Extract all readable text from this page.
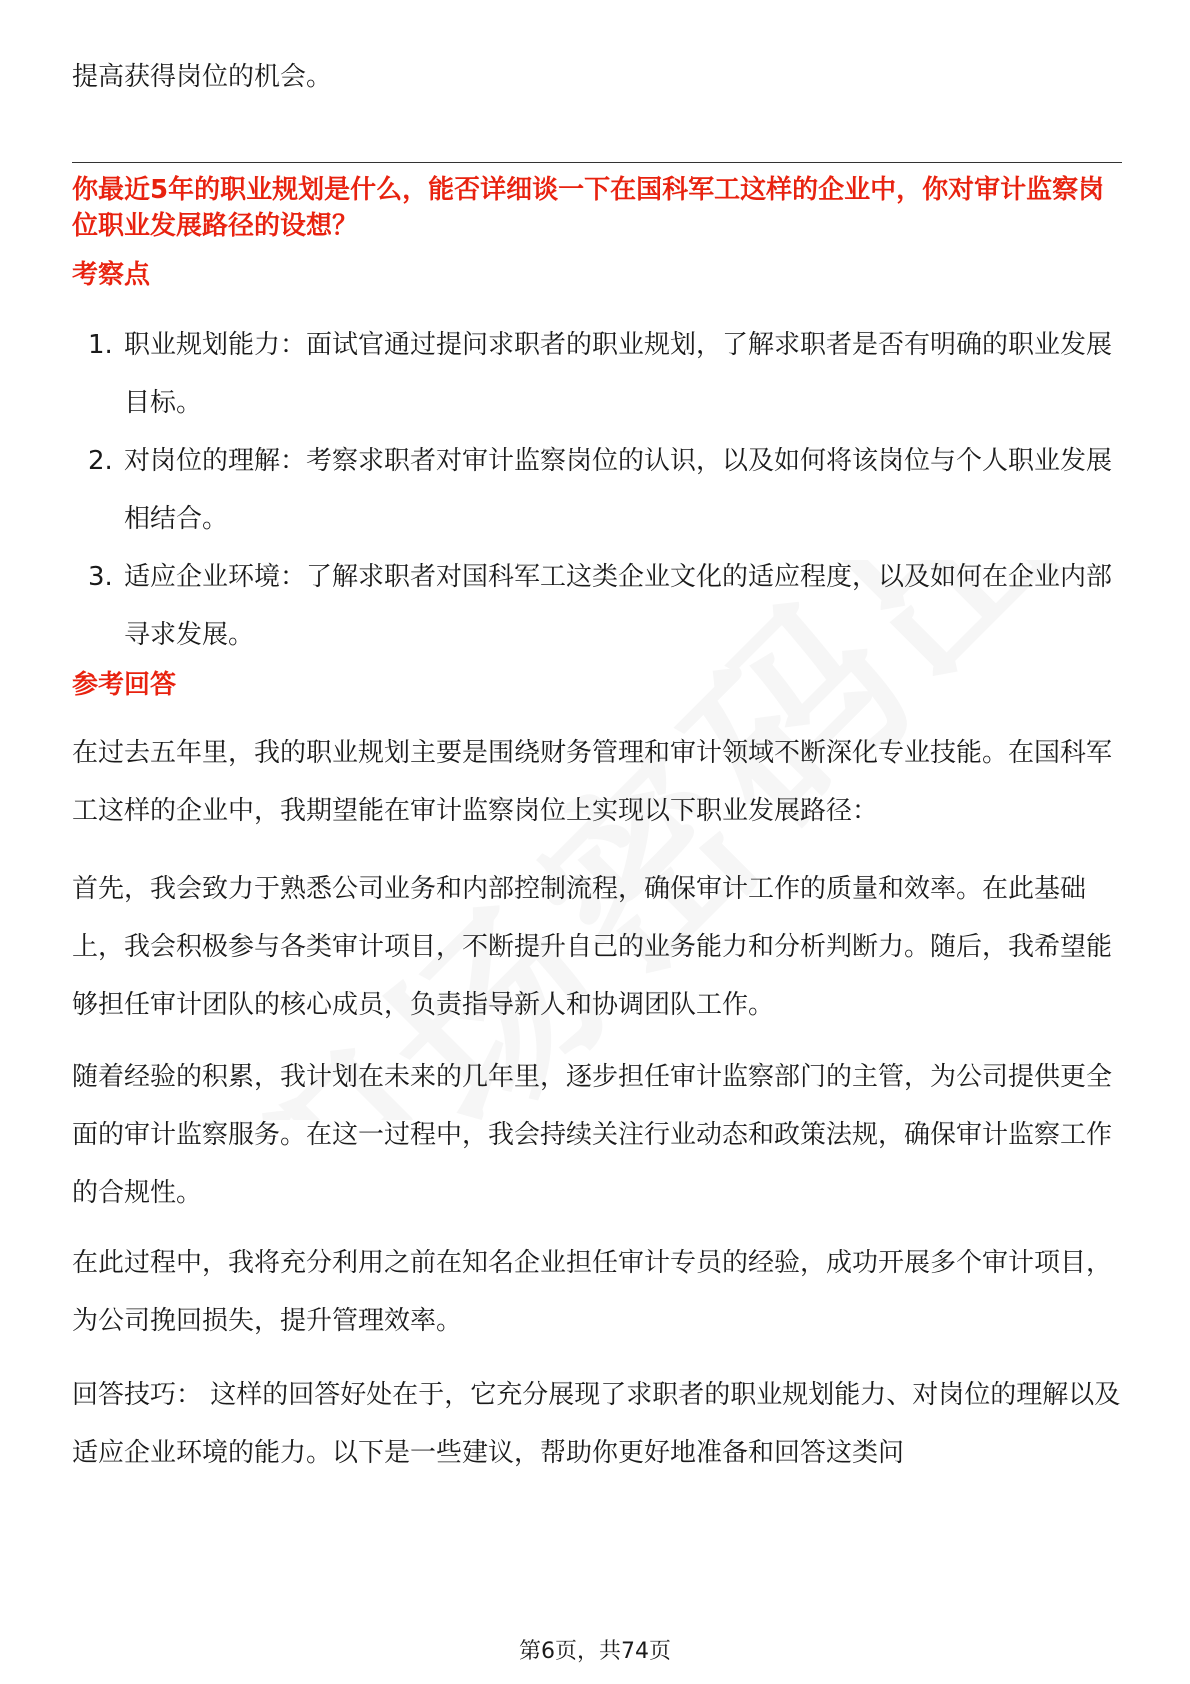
提高获得岗位的机会。

你最近5年的职业规划是什么，能否详细谈一下在国科军工这样的企业中，你对审计监察岗位职业发展路径的设想？

考察点

1. 职业规划能力：面试官通过提问求职者的职业规划，了解求职者是否有明确的职业发展目标。
2. 对岗位的理解：考察求职者对审计监察岗位的认识，以及如何将该岗位与个人职业发展相结合。
3. 适应企业环境：了解求职者对国科军工这类企业文化的适应程度，以及如何在企业内部寻求发展。

参考回答

在过去五年里，我的职业规划主要是围绕财务管理和审计领域不断深化专业技能。在国科军工这样的企业中，我期望能在审计监察岗位上实现以下职业发展路径：

首先，我会致力于熟悉公司业务和内部控制流程，确保审计工作的质量和效率。在此基础上，我会积极参与各类审计项目，不断提升自己的业务能力和分析判断力。随后，我希望能够担任审计团队的核心成员，负责指导新人和协调团队工作。

随着经验的积累，我计划在未来的几年里，逐步担任审计监察部门的主管，为公司提供更全面的审计监察服务。在这一过程中，我会持续关注行业动态和政策法规，确保审计监察工作的合规性。

在此过程中，我将充分利用之前在知名企业担任审计专员的经验，成功开展多个审计项目，为公司挽回损失，提升管理效率。

回答技巧： 这样的回答好处在于，它充分展现了求职者的职业规划能力、对岗位的理解以及适应企业环境的能力。以下是一些建议，帮助你更好地准备和回答这类问

第6页，共74页
